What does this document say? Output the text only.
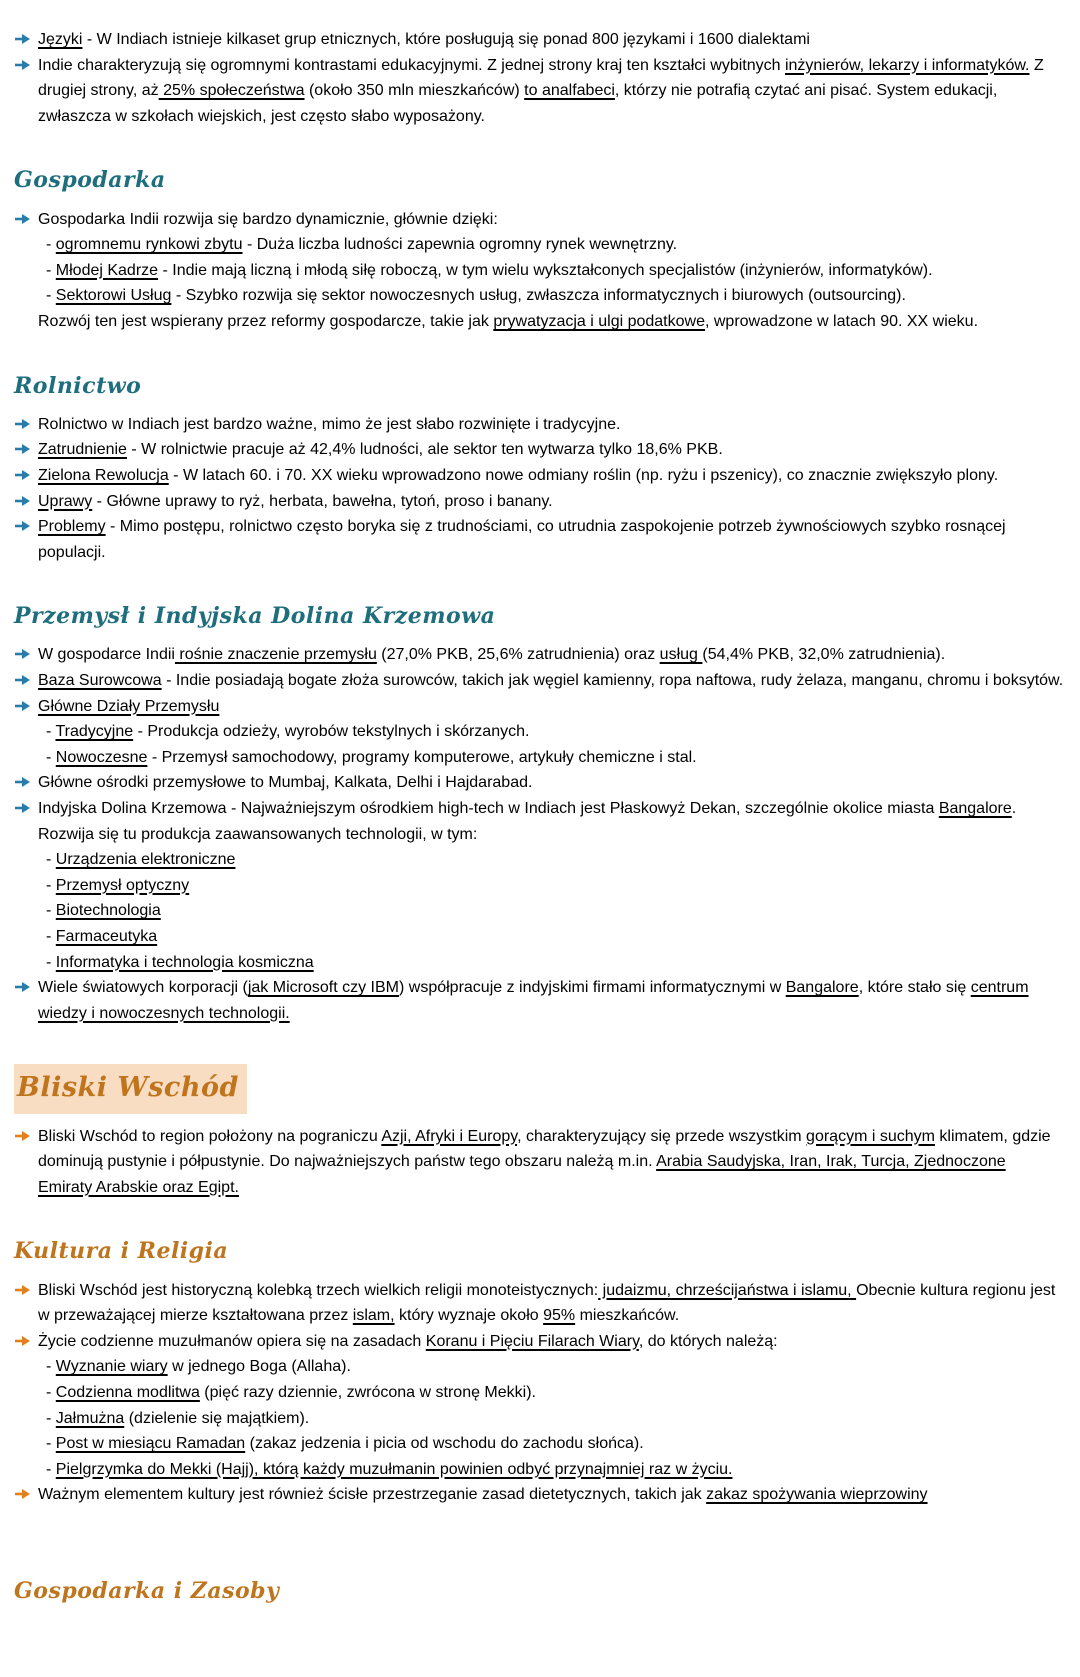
Języki - W Indiach istnieje kilkaset grup etnicznych, które posługują się ponad 800 językami i 1600 dialektami
Indie charakteryzują się ogromnymi kontrastami edukacyjnymi. Z jednej strony kraj ten kształci wybitnych inżynierów, lekarzy i informatyków. Z drugiej strony, aż 25% społeczeństwa (około 350 mln mieszkańców) to analfabeci, którzy nie potrafią czytać ani pisać. System edukacji, zwłaszcza w szkołach wiejskich, jest często słabo wyposażony.
Gospodarka
Gospodarka Indii rozwija się bardzo dynamicznie, głównie dzięki:
- ogromnemu rynkowi zbytu - Duża liczba ludności zapewnia ogromny rynek wewnętrzny.
- Młodej Kadrze - Indie mają liczną i młodą siłę roboczą, w tym wielu wykształconych specjalistów (inżynierów, informatyków).
- Sektorowi Usług - Szybko rozwija się sektor nowoczesnych usług, zwłaszcza informatycznych i biurowych (outsourcing).
Rozwój ten jest wspierany przez reformy gospodarcze, takie jak prywatyzacja i ulgi podatkowe, wprowadzone w latach 90. XX wieku.
Rolnictwo
Rolnictwo w Indiach jest bardzo ważne, mimo że jest słabo rozwinięte i tradycyjne.
Zatrudnienie - W rolnictwie pracuje aż 42,4% ludności, ale sektor ten wytwarza tylko 18,6% PKB.
Zielona Rewolucja - W latach 60. i 70. XX wieku wprowadzono nowe odmiany roślin (np. ryżu i pszenicy), co znacznie zwiększyło plony.
Uprawy - Główne uprawy to ryż, herbata, bawełna, tytoń, proso i banany.
Problemy - Mimo postępu, rolnictwo często boryka się z trudnościami, co utrudnia zaspokojenie potrzeb żywnościowych szybko rosnącej populacji.
Przemysł i Indyjska Dolina Krzemowa
W gospodarce Indii rośnie znaczenie przemysłu (27,0% PKB, 25,6% zatrudnienia) oraz usług (54,4% PKB, 32,0% zatrudnienia).
Baza Surowcowa - Indie posiadają bogate złoża surowców, takich jak węgiel kamienny, ropa naftowa, rudy żelaza, manganu, chromu i boksytów.
Główne Działy Przemysłu
- Tradycyjne - Produkcja odzieży, wyrobów tekstylnych i skórzanych.
- Nowoczesne - Przemysł samochodowy, programy komputerowe, artykuły chemiczne i stal.
Główne ośrodki przemysłowe to Mumbaj, Kalkata, Delhi i Hajdarabad.
Indyjska Dolina Krzemowa - Najważniejszym ośrodkiem high-tech w Indiach jest Płaskowyż Dekan, szczególnie okolice miasta Bangalore. Rozwija się tu produkcja zaawansowanych technologii, w tym:
- Urządzenia elektroniczne
- Przemysł optyczny
- Biotechnologia
- Farmaceutyka
- Informatyka i technologia kosmiczna
Wiele światowych korporacji (jak Microsoft czy IBM) współpracuje z indyjskimi firmami informatycznymi w Bangalore, które stało się centrum wiedzy i nowoczesnych technologii.
Bliski Wschód
Bliski Wschód to region położony na pograniczu Azji, Afryki i Europy, charakteryzujący się przede wszystkim gorącym i suchym klimatem, gdzie dominują pustynie i półpustynie. Do najważniejszych państw tego obszaru należą m.in. Arabia Saudyjska, Iran, Irak, Turcja, Zjednoczone Emiraty Arabskie oraz Egipt.
Kultura i Religia
Bliski Wschód jest historyczną kolebką trzech wielkich religii monoteistycznych: judaizmu, chrześcijaństwa i islamu, Obecnie kultura regionu jest w przeważającej mierze kształtowana przez islam, który wyznaje około 95% mieszkańców.
Życie codzienne muzułmanów opiera się na zasadach Koranu i Pięciu Filarach Wiary, do których należą:
- Wyznanie wiary w jednego Boga (Allaha).
- Codzienna modlitwa (pięć razy dziennie, zwrócona w stronę Mekki).
- Jałmużna (dzielenie się majątkiem).
- Post w miesiącu Ramadan (zakaz jedzenia i picia od wschodu do zachodu słońca).
- Pielgrzymka do Mekki (Hajj), którą każdy muzułmanin powinien odbyć przynajmniej raz w życiu.
Ważnym elementem kultury jest również ścisłe przestrzeganie zasad dietetycznych, takich jak zakaz spożywania wieprzowiny
Gospodarka i Zasoby
